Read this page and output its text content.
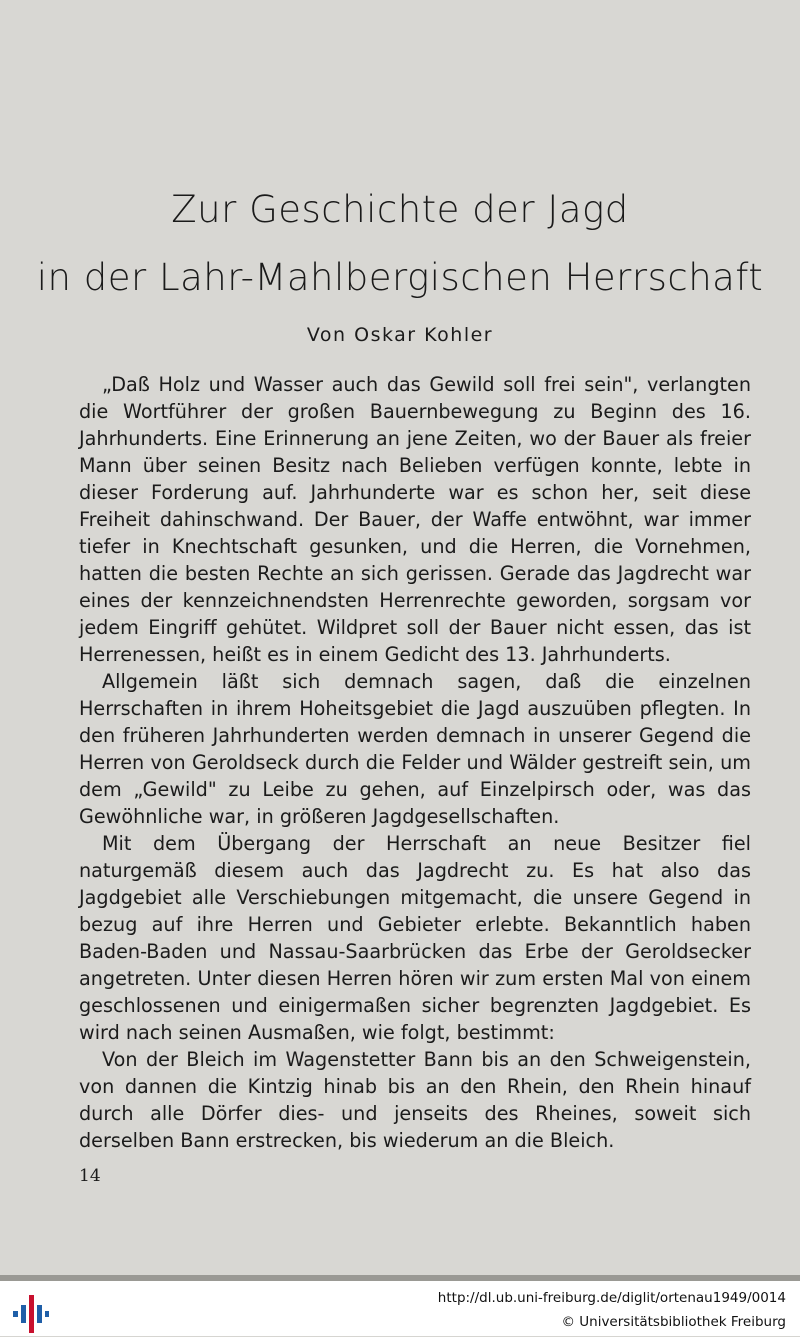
Zur Geschichte der Jagd
in der Lahr-Mahlbergischen Herrschaft
Von Oskar Kohler

„Daß Holz und Wasser auch das Gewild soll frei sein", verlangten die Wortführer der großen Bauernbewegung zu Beginn des 16. Jahrhunderts. Eine Erinnerung an jene Zeiten, wo der Bauer als freier Mann über seinen Besitz nach Belieben verfügen konnte, lebte in dieser Forderung auf. Jahrhunderte war es schon her, seit diese Freiheit dahinschwand. Der Bauer, der Waffe entwöhnt, war immer tiefer in Knechtschaft gesunken, und die Herren, die Vornehmen, hatten die besten Rechte an sich gerissen. Gerade das Jagdrecht war eines der kennzeichnendsten Herrenrechte geworden, sorgsam vor jedem Eingriff gehütet. Wildpret soll der Bauer nicht essen, das ist Herrenessen, heißt es in einem Gedicht des 13. Jahrhunderts.

Allgemein läßt sich demnach sagen, daß die einzelnen Herrschaften in ihrem Hoheitsgebiet die Jagd auszuüben pflegten. In den früheren Jahrhunderten werden demnach in unserer Gegend die Herren von Geroldseck durch die Felder und Wälder gestreift sein, um dem „Gewild" zu Leibe zu gehen, auf Einzelpirsch oder, was das Gewöhnliche war, in größeren Jagdgesellschaften.

Mit dem Übergang der Herrschaft an neue Besitzer fiel naturgemäß diesem auch das Jagdrecht zu. Es hat also das Jagdgebiet alle Verschiebungen mitgemacht, die unsere Gegend in bezug auf ihre Herren und Gebieter erlebte. Bekanntlich haben Baden-Baden und Nassau-Saarbrücken das Erbe der Geroldsecker angetreten. Unter diesen Herren hören wir zum ersten Mal von einem geschlossenen und einigermaßen sicher begrenzten Jagdgebiet. Es wird nach seinen Ausmaßen, wie folgt, bestimmt:

Von der Bleich im Wagenstetter Bann bis an den Schweigenstein, von dannen die Kintzig hinab bis an den Rhein, den Rhein hinauf durch alle Dörfer dies- und jenseits des Rheines, soweit sich derselben Bann erstrecken, bis wiederum an die Bleich.

14
http://dl.ub.uni-freiburg.de/diglit/ortenau1949/0014
© Universitätsbibliothek Freiburg
